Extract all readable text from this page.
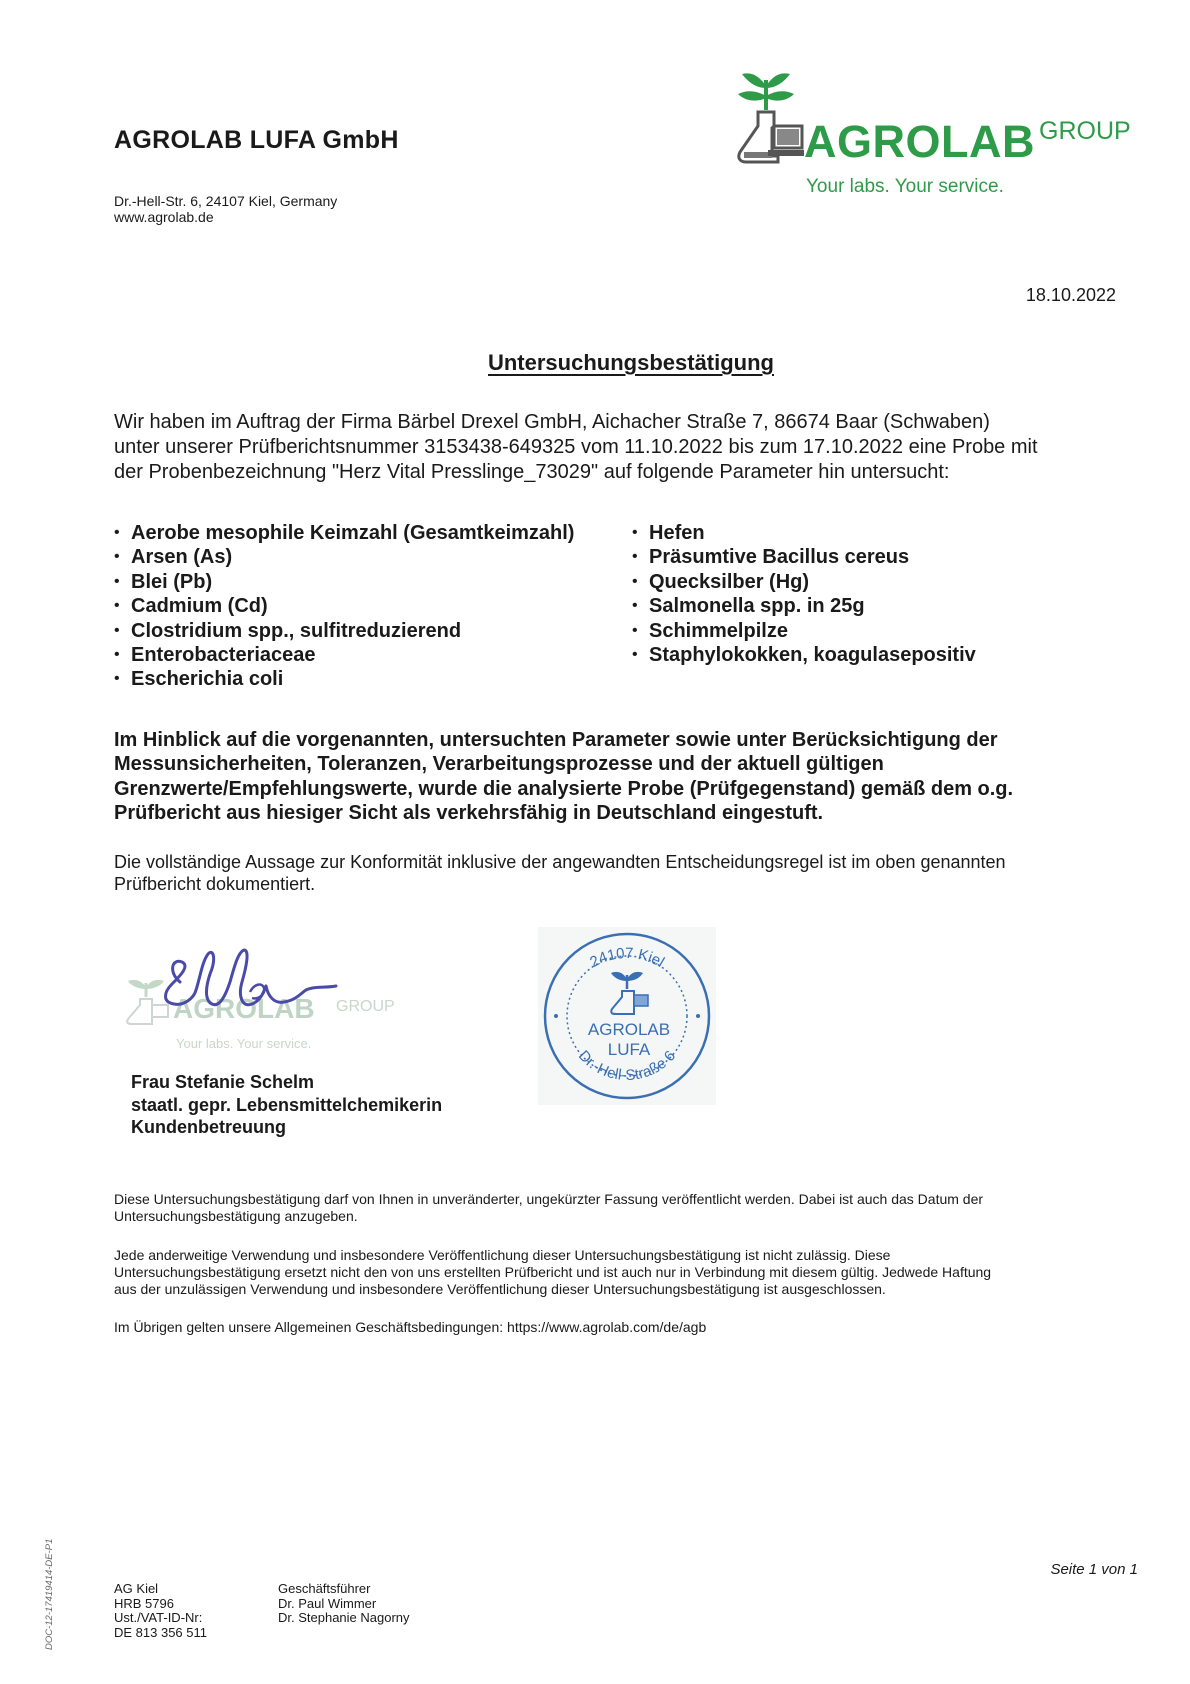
AGROLAB LUFA GmbH
Dr.-Hell-Str. 6, 24107 Kiel, Germany
www.agrolab.de
AGROLAB GROUP
Your labs. Your service.
18.10.2022
Untersuchungsbestätigung

Wir haben im Auftrag der Firma Bärbel Drexel GmbH, Aichacher Straße 7, 86674 Baar (Schwaben)

unter unserer Prüfberichtsnummer 3153438-649325 vom 11.10.2022 bis zum 17.10.2022 eine Probe mit

der Probenbezeichnung "Herz Vital Presslinge_73029" auf folgende Parameter hin untersucht:

• Aerobe mesophile Keimzahl (Gesamtkeimzahl)
• Arsen (As)
• Blei (Pb)
• Cadmium (Cd)
• Clostridium spp., sulfitreduzierend
• Enterobacteriaceae
• Escherichia coli
• Hefen
• Präsumtive Bacillus cereus
• Quecksilber (Hg)
• Salmonella spp. in 25g
• Schimmelpilze
• Staphylokokken, koagulasepositiv

Im Hinblick auf die vorgenannten, untersuchten Parameter sowie unter Berücksichtigung der

Messunsicherheiten, Toleranzen, Verarbeitungsprozesse und der aktuell gültigen

Grenzwerte/Empfehlungswerte, wurde die analysierte Probe (Prüfgegenstand) gemäß dem o.g.

Prüfbericht aus hiesiger Sicht als verkehrsfähig in Deutschland eingestuft.

Die vollständige Aussage zur Konformität inklusive der angewandten Entscheidungsregel ist im oben genannten

Prüfbericht dokumentiert.

AGROLAB GROUP
Your labs. Your service.
Frau Stefanie Schelm
staatl. gepr. Lebensmittelchemikerin
Kundenbetreuung
24107 Kiel
Dr.-Hell-Straße 6
AGROLAB
LUFA

Diese Untersuchungsbestätigung darf von Ihnen in unveränderter, ungekürzter Fassung veröffentlicht werden. Dabei ist auch das Datum der

Untersuchungsbestätigung anzugeben.

Jede anderweitige Verwendung und insbesondere Veröffentlichung dieser Untersuchungsbestätigung ist nicht zulässig. Diese

Untersuchungsbestätigung ersetzt nicht den von uns erstellten Prüfbericht und ist auch nur in Verbindung mit diesem gültig. Jedwede Haftung

aus der unzulässigen Verwendung und insbesondere Veröffentlichung dieser Untersuchungsbestätigung ist ausgeschlossen.

Im Übrigen gelten unsere Allgemeinen Geschäftsbedingungen: https://www.agrolab.com/de/agb
DOC-12-17419414-DE-P1	Seite 1 von 1
AG Kiel
HRB 5796
Ust./VAT-ID-Nr:
DE 813 356 511
Geschäftsführer
Dr. Paul Wimmer
Dr. Stephanie Nagorny
